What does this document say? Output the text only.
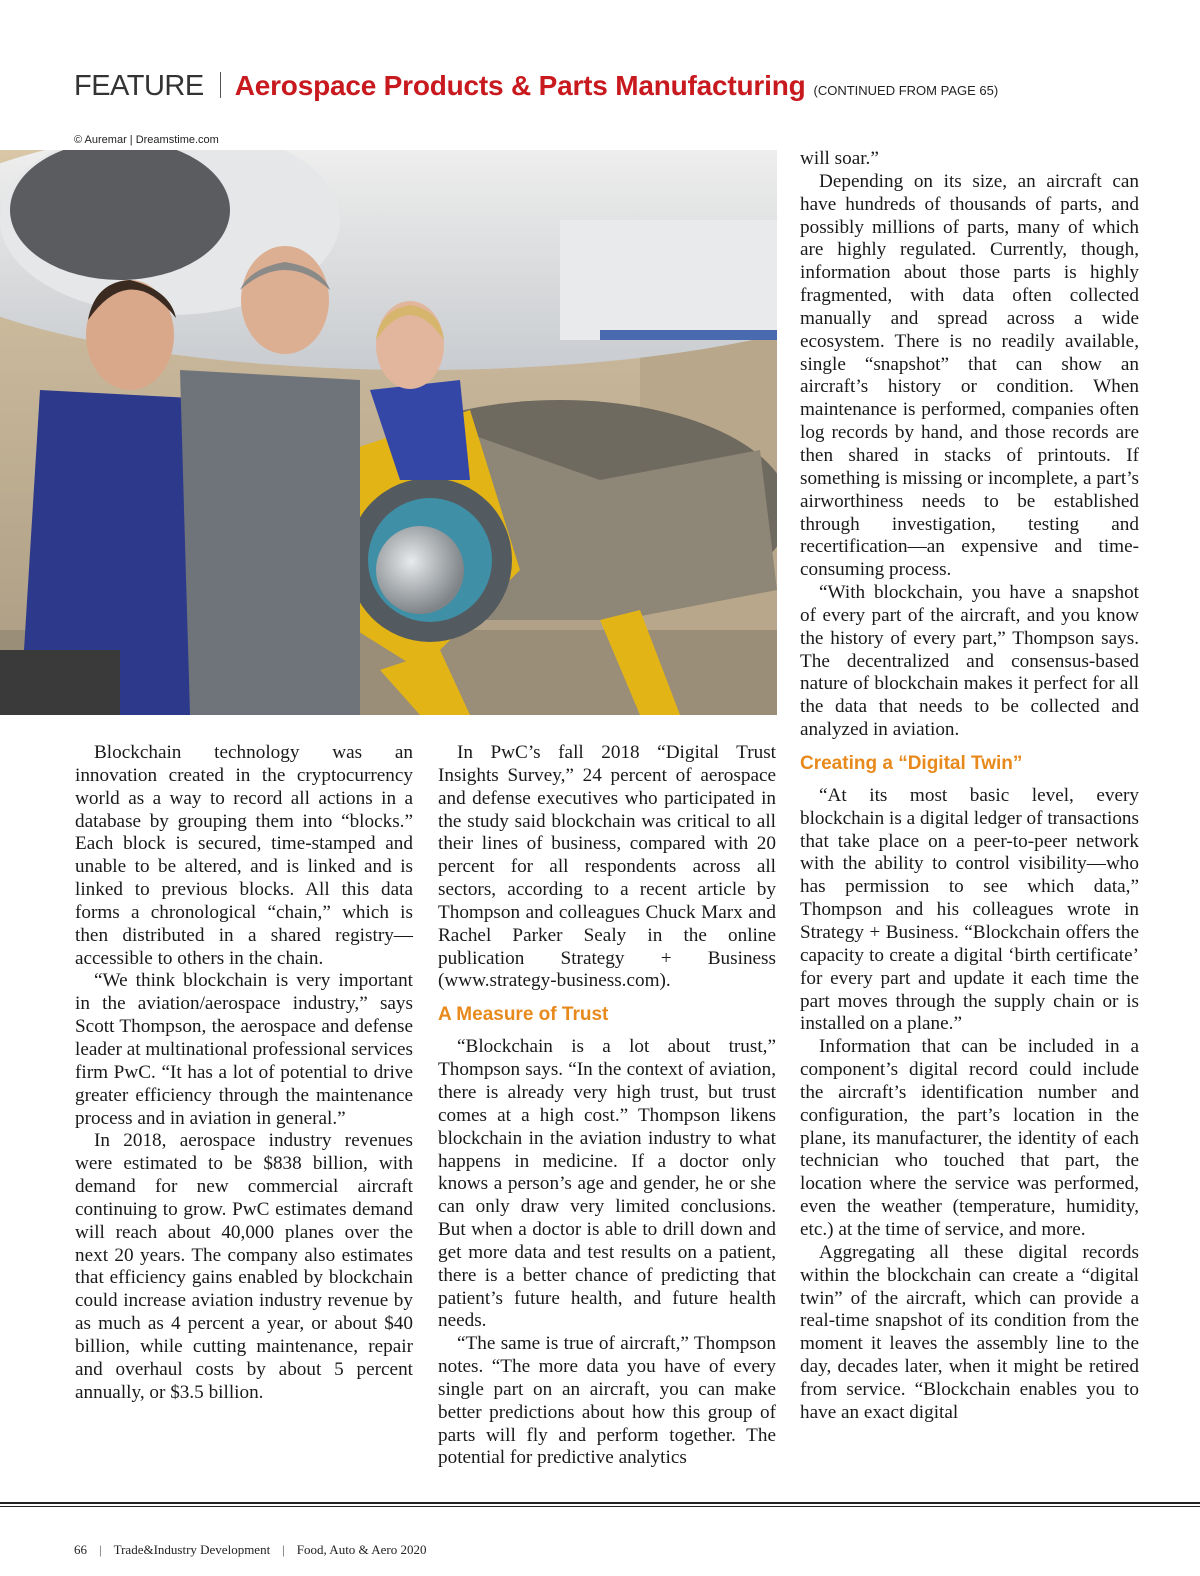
FEATURE Aerospace Products & Parts Manufacturing (CONTINUED FROM PAGE 65)
© Auremar | Dreamstime.com

Blockchain technology was an innovation created in the cryptocurrency world as a way to record all actions in a database by grouping them into “blocks.” Each block is secured, time-stamped and unable to be altered, and is linked and is linked to previous blocks. All this data forms a chronological “chain,” which is then distributed in a shared registry—accessible to others in the chain.

“We think blockchain is very important in the aviation/aerospace industry,” says Scott Thompson, the aerospace and defense leader at multinational professional services firm PwC. “It has a lot of potential to drive greater efficiency through the maintenance process and in aviation in general.”

In 2018, aerospace industry revenues were estimated to be $838 billion, with demand for new commercial aircraft continuing to grow. PwC estimates demand will reach about 40,000 planes over the next 20 years. The company also estimates that efficiency gains enabled by blockchain could increase aviation industry revenue by as much as 4 percent a year, or about $40 billion, while cutting maintenance, repair and overhaul costs by about 5 percent annually, or $3.5 billion.

In PwC’s fall 2018 “Digital Trust Insights Survey,” 24 percent of aerospace and defense executives who participated in the study said blockchain was critical to all their lines of business, compared with 20 percent for all respondents across all sectors, according to a recent article by Thompson and colleagues Chuck Marx and Rachel Parker Sealy in the online publication Strategy + Business (www.strategy-business.com).

A Measure of Trust

“Blockchain is a lot about trust,” Thompson says. “In the context of aviation, there is already very high trust, but trust comes at a high cost.” Thompson likens blockchain in the aviation industry to what happens in medicine. If a doctor only knows a person’s age and gender, he or she can only draw very limited conclusions. But when a doctor is able to drill down and get more data and test results on a patient, there is a better chance of predicting that patient’s future health, and future health needs.

“The same is true of aircraft,” Thompson notes. “The more data you have of every single part on an aircraft, you can make better predictions about how this group of parts will fly and perform together. The potential for predictive analytics

will soar.”

Depending on its size, an aircraft can have hundreds of thousands of parts, and possibly millions of parts, many of which are highly regulated. Currently, though, information about those parts is highly fragmented, with data often collected manually and spread across a wide ecosystem. There is no readily available, single “snapshot” that can show an aircraft’s history or condition. When maintenance is performed, companies often log records by hand, and those records are then shared in stacks of printouts. If something is missing or incomplete, a part’s airworthiness needs to be established through investigation, testing and recertification—an expensive and time-consuming process.

“With blockchain, you have a snapshot of every part of the aircraft, and you know the history of every part,” Thompson says. The decentralized and consensus-based nature of blockchain makes it perfect for all the data that needs to be collected and analyzed in aviation.

Creating a “Digital Twin”

“At its most basic level, every blockchain is a digital ledger of transactions that take place on a peer-to-peer network with the ability to control visibility—who has permission to see which data,” Thompson and his colleagues wrote in Strategy + Business. “Blockchain offers the capacity to create a digital ‘birth certificate’ for every part and update it each time the part moves through the supply chain or is installed on a plane.”

Information that can be included in a component’s digital record could include the aircraft’s identification number and configuration, the part’s location in the plane, its manufacturer, the identity of each technician who touched that part, the location where the service was performed, even the weather (temperature, humidity, etc.) at the time of service, and more.

Aggregating all these digital records within the blockchain can create a “digital twin” of the aircraft, which can provide a real-time snapshot of its condition from the moment it leaves the assembly line to the day, decades later, when it might be retired from service. “Blockchain enables you to have an exact digital

66 | Trade&Industry Development | Food, Auto & Aero 2020
